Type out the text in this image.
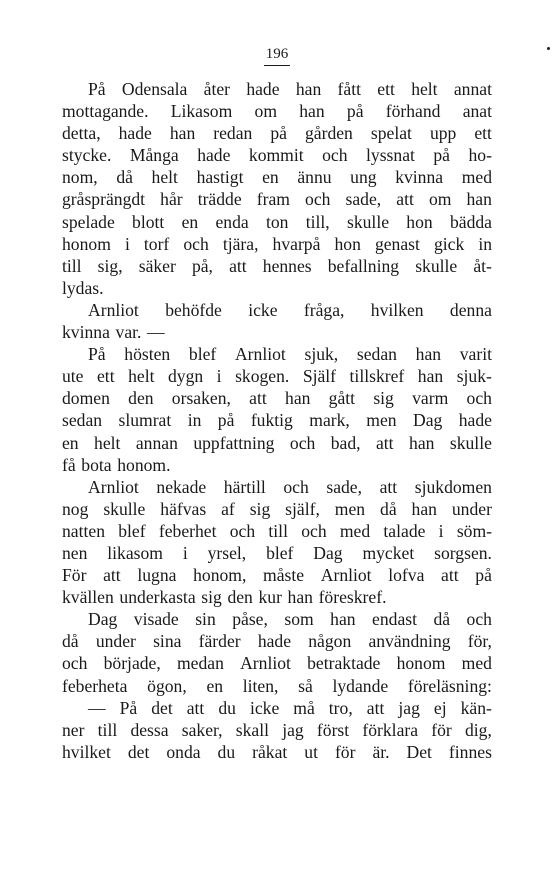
196
På Odensala åter hade han fått ett helt annat
mottagande. Likasom om han på förhand anat
detta, hade han redan på gården spelat upp ett
stycke. Många hade kommit och lyssnat på ho-
nom, då helt hastigt en ännu ung kvinna med
gråsprängdt hår trädde fram och sade, att om han
spelade blott en enda ton till, skulle hon bädda
honom i torf och tjära, hvarpå hon genast gick in
till sig, säker på, att hennes befallning skulle åt-
lydas.
Arnliot behöfde icke fråga, hvilken denna
kvinna var. —
På hösten blef Arnliot sjuk, sedan han varit
ute ett helt dygn i skogen. Själf tillskref han sjuk-
domen den orsaken, att han gått sig varm och
sedan slumrat in på fuktig mark, men Dag hade
en helt annan uppfattning och bad, att han skulle
få bota honom.
Arnliot nekade härtill och sade, att sjukdomen
nog skulle häfvas af sig själf, men då han under
natten blef feberhet och till och med talade i söm-
nen likasom i yrsel, blef Dag mycket sorgsen.
För att lugna honom, måste Arnliot lofva att på
kvällen underkasta sig den kur han föreskref.
Dag visade sin påse, som han endast då och
då under sina färder hade någon användning för,
och började, medan Arnliot betraktade honom med
feberheta ögon, en liten, så lydande föreläsning:
— På det att du icke må tro, att jag ej kän-
ner till dessa saker, skall jag först förklara för dig,
hvilket det onda du råkat ut för är. Det finnes
